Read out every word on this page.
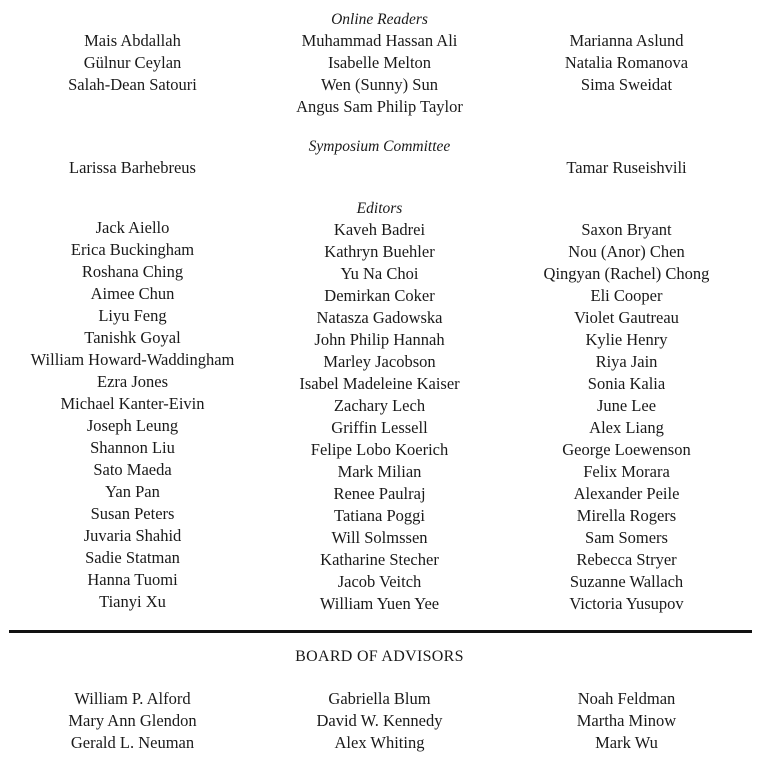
Online Readers
Mais Abdallah
Gülnur Ceylan
Salah-Dean Satouri
Muhammad Hassan Ali
Isabelle Melton
Wen (Sunny) Sun
Angus Sam Philip Taylor
Marianna Aslund
Natalia Romanova
Sima Sweidat
Symposium Committee
Larissa Barhebreus	Tamar Ruseishvili
Editors
Jack Aiello
Erica Buckingham
Roshana Ching
Aimee Chun
Liyu Feng
Tanishk Goyal
William Howard-Waddingham
Ezra Jones
Michael Kanter-Eivin
Joseph Leung
Shannon Liu
Sato Maeda
Yan Pan
Susan Peters
Juvaria Shahid
Sadie Statman
Hanna Tuomi
Tianyi Xu
Kaveh Badrei
Kathryn Buehler
Yu Na Choi
Demirkan Coker
Natasza Gadowska
John Philip Hannah
Marley Jacobson
Isabel Madeleine Kaiser
Zachary Lech
Griffin Lessell
Felipe Lobo Koerich
Mark Milian
Renee Paulraj
Tatiana Poggi
Will Solmssen
Katharine Stecher
Jacob Veitch
William Yuen Yee
Saxon Bryant
Nou (Anor) Chen
Qingyan (Rachel) Chong
Eli Cooper
Violet Gautreau
Kylie Henry
Riya Jain
Sonia Kalia
June Lee
Alex Liang
George Loewenson
Felix Morara
Alexander Peile
Mirella Rogers
Sam Somers
Rebecca Stryer
Suzanne Wallach
Victoria Yusupov
BOARD OF ADVISORS
William P. Alford
Mary Ann Glendon
Gerald L. Neuman
Gabriella Blum
David W. Kennedy
Alex Whiting
Noah Feldman
Martha Minow
Mark Wu
